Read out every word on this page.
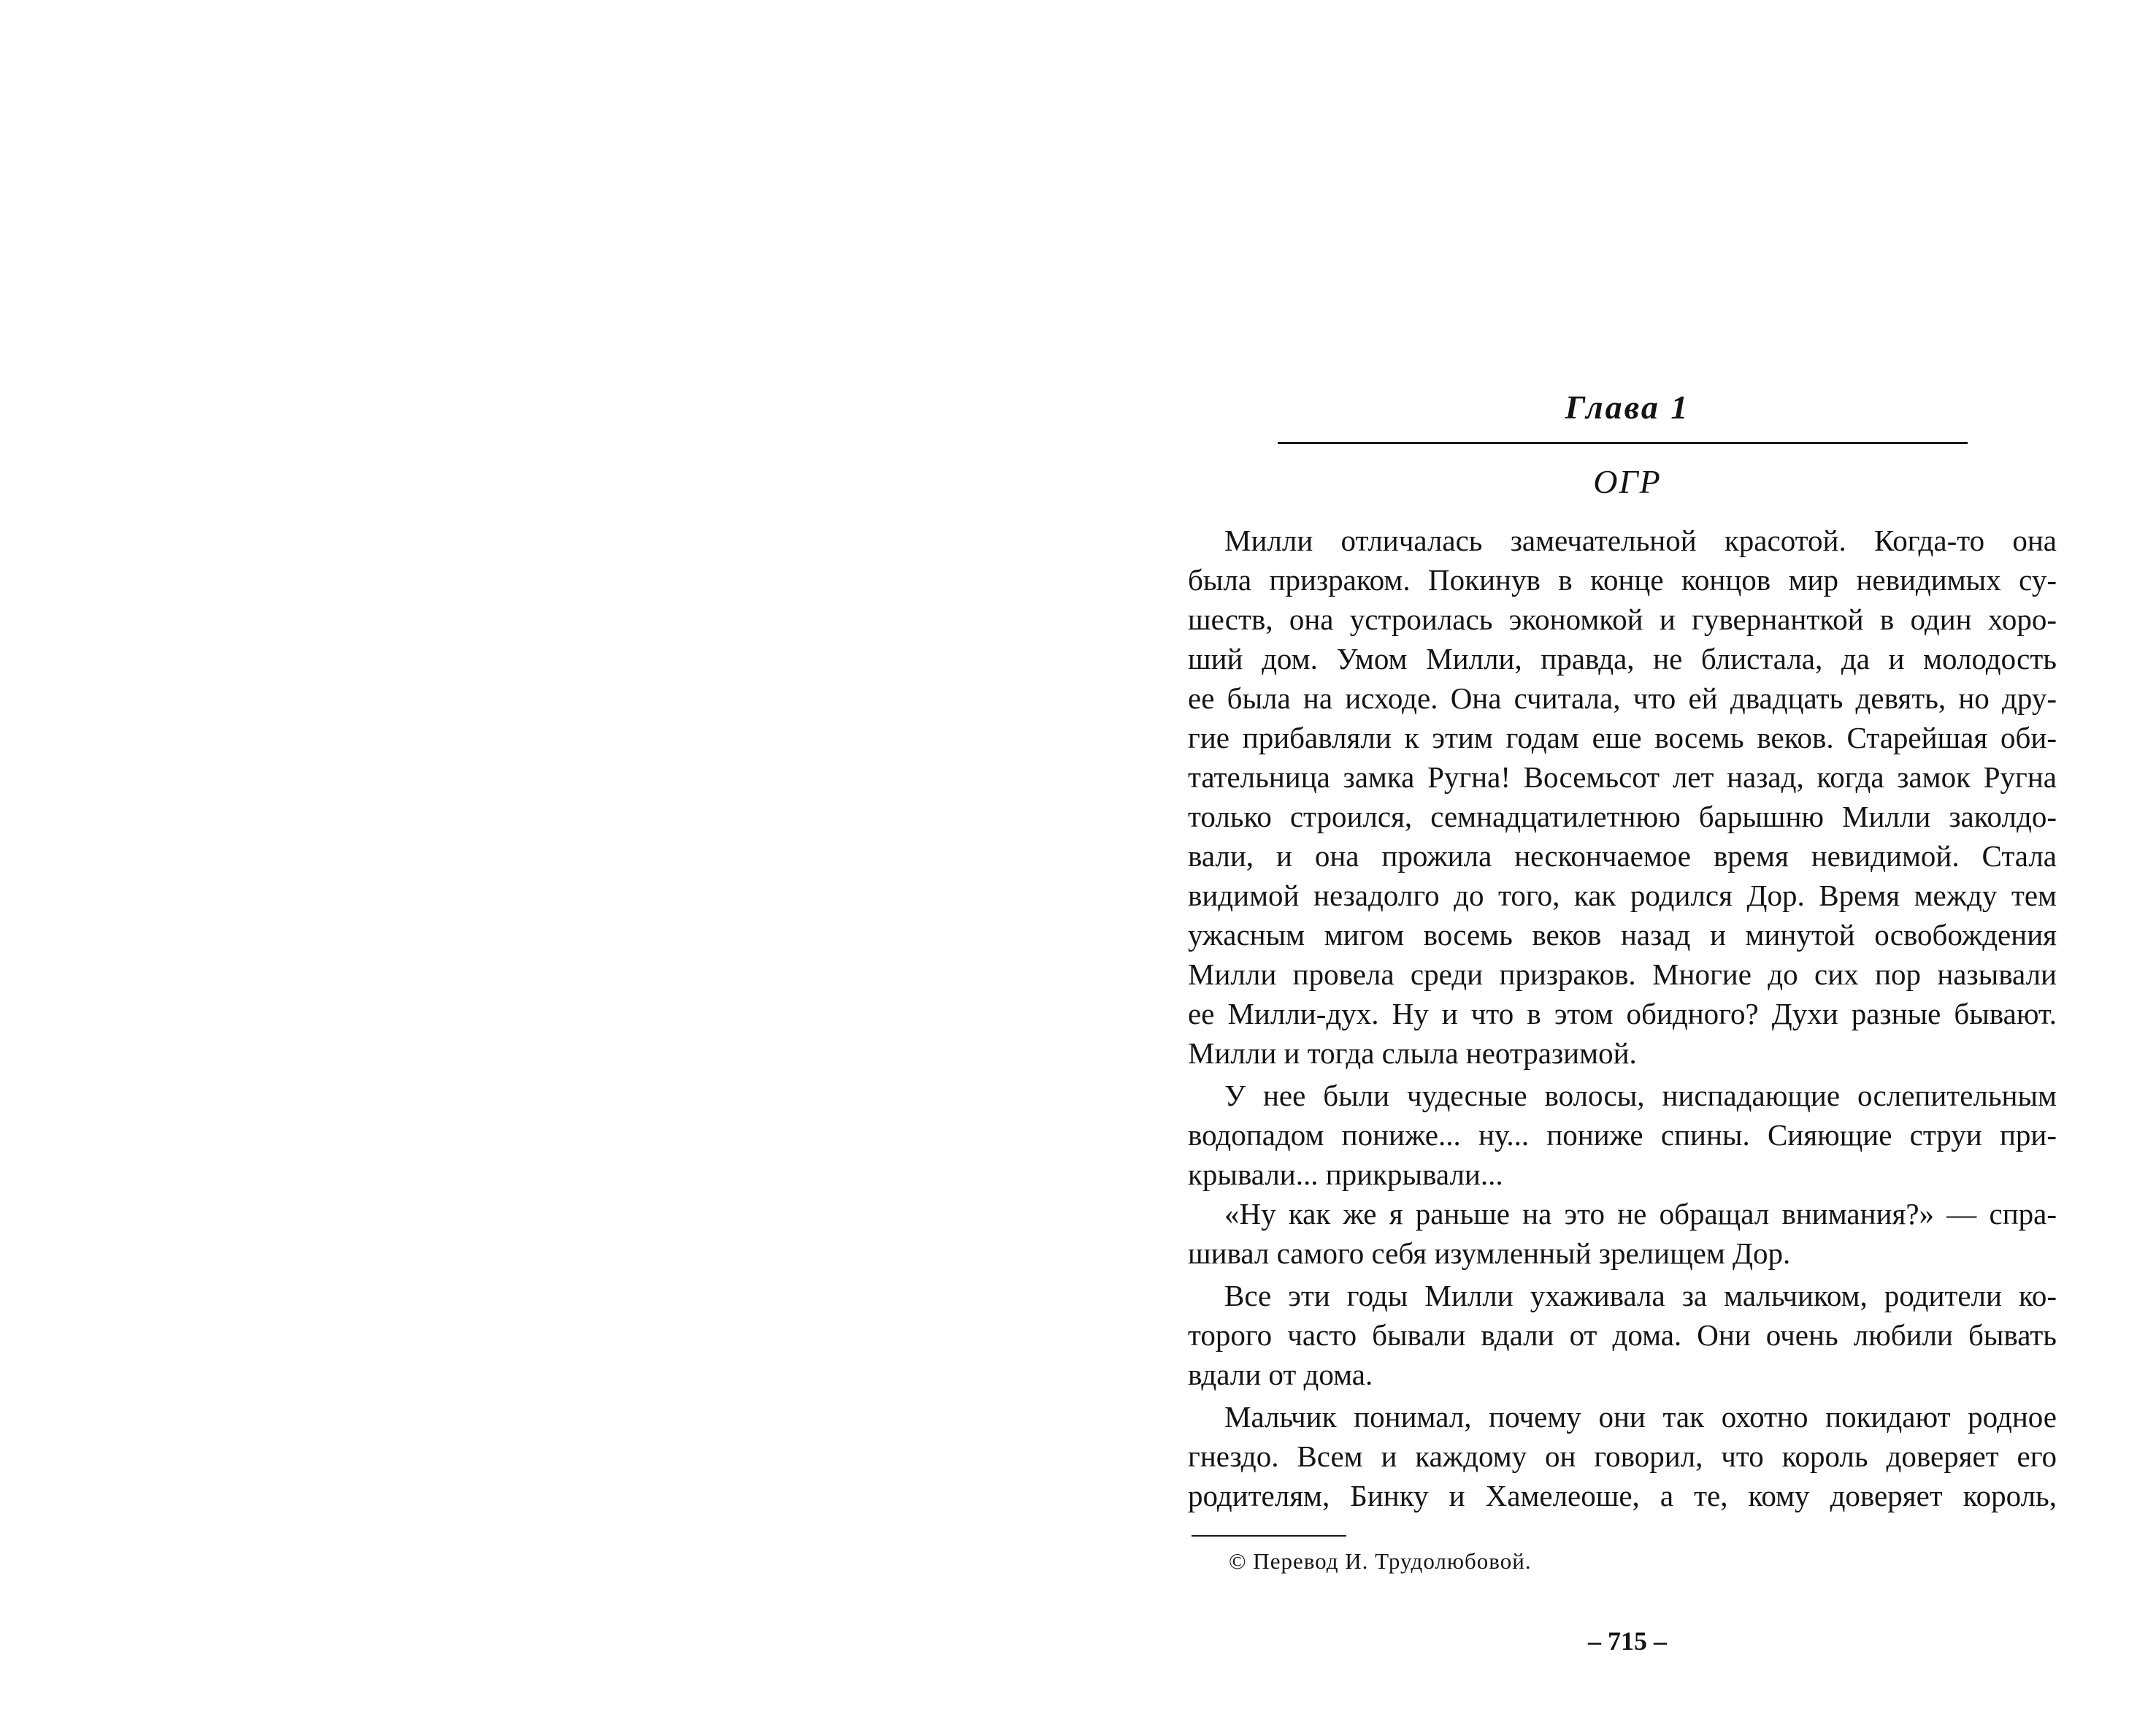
Глава 1
ОГР
Милли отличалась замечательной красотой. Когда-то она
была призраком. Покинув в конце концов мир невидимых су-
шеств, она устроилась экономкой и гувернанткой в один хоро-
ший дом. Умом Милли, правда, не блистала, да и молодость
ее была на исходе. Она считала, что ей двадцать девять, но дру-
гие прибавляли к этим годам еше восемь веков. Старейшая оби-
тательница замка Ругна! Восемьсот лет назад, когда замок Ругна
только строился, семнадцатилетнюю барышню Милли заколдо-
вали, и она прожила нескончаемое время невидимой. Стала
видимой незадолго до того, как родился Дор. Время между тем
ужасным мигом восемь веков назад и минутой освобождения
Милли провела среди призраков. Многие до сих пор называли
ее Милли-дух. Ну и что в этом обидного? Духи разные бывают.
Милли и тогда слыла неотразимой.
У нее были чудесные волосы, ниспадающие ослепительным
водопадом пониже... ну... пониже спины. Сияющие струи при-
крывали... прикрывали...
«Ну как же я раньше на это не обращал внимания?» — спра-
шивал самого себя изумленный зрелищем Дор.
Все эти годы Милли ухаживала за мальчиком, родители ко-
торого часто бывали вдали от дома. Они очень любили бывать
вдали от дома.
Мальчик понимал, почему они так охотно покидают родное
гнездо. Всем и каждому он говорил, что король доверяет его
родителям, Бинку и Хамелеоше, а те, кому доверяет король,
© Перевод И. Трудолюбовой.
– 715 –
